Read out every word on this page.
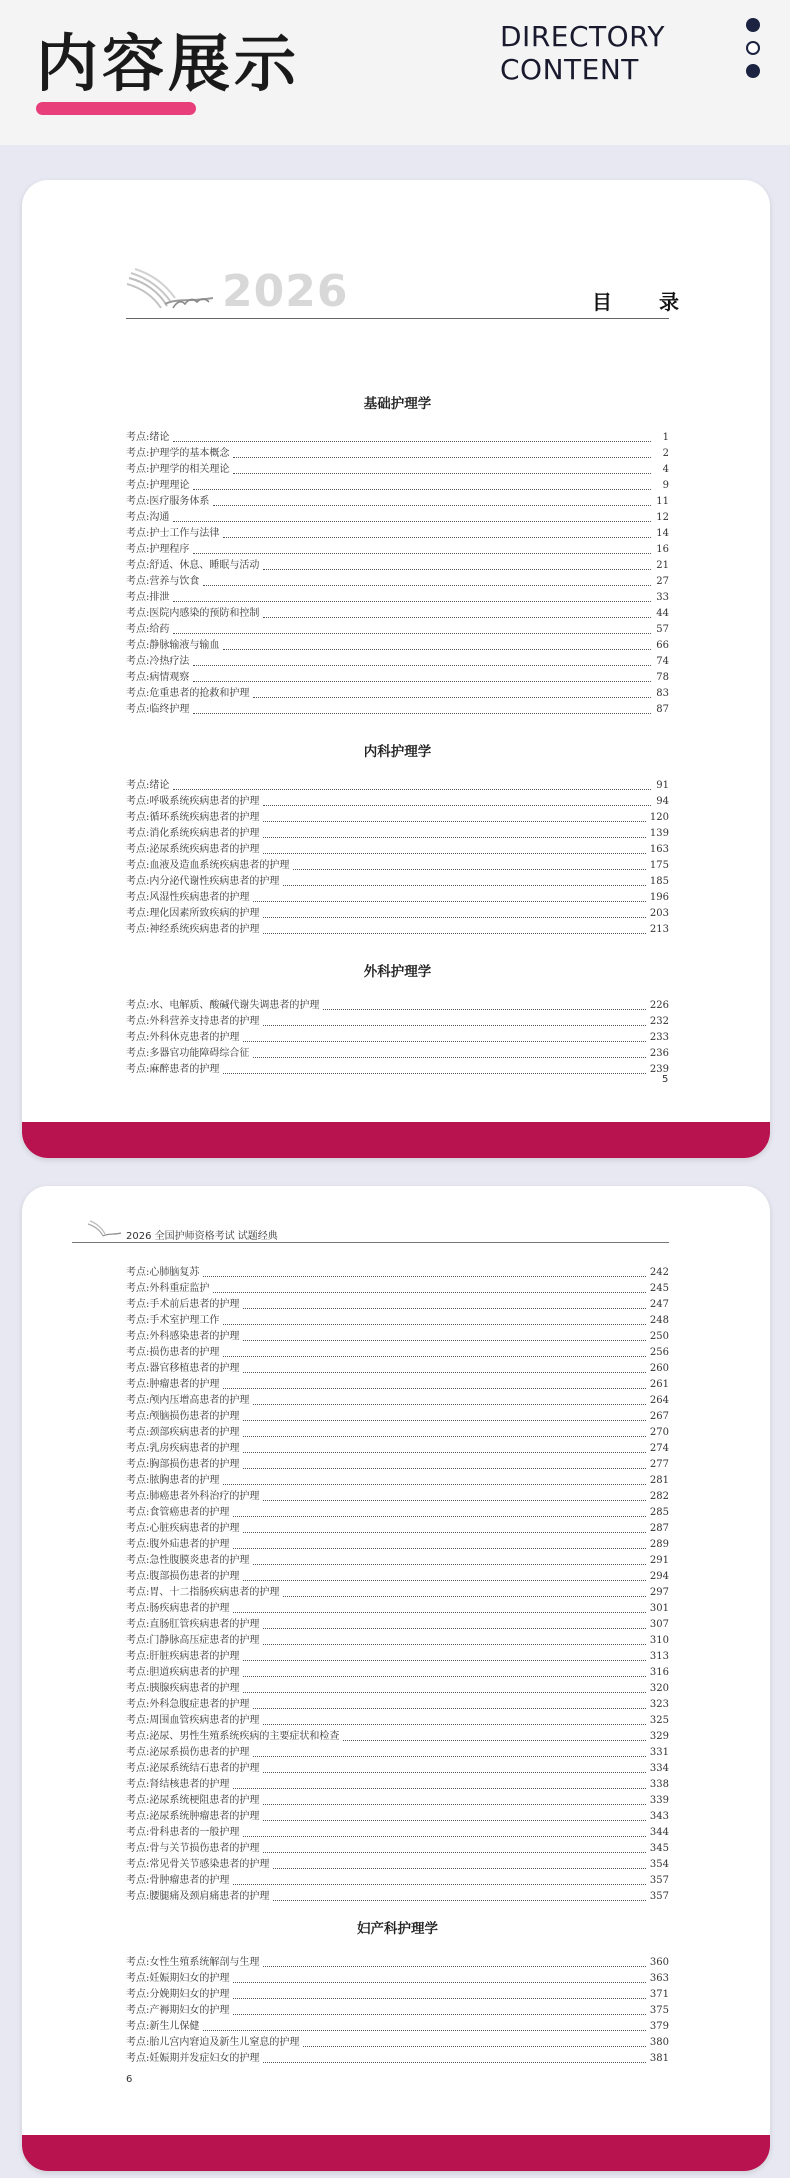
内容展示	DIRECTORY
CONTENT
2026	目 录
基础护理学
考点:绪论	1
考点:护理学的基本概念	2
考点:护理学的相关理论	4
考点:护理理论	9
考点:医疗服务体系	11
考点:沟通	12
考点:护士工作与法律	14
考点:护理程序	16
考点:舒适、休息、睡眠与活动	21
考点:营养与饮食	27
考点:排泄	33
考点:医院内感染的预防和控制	44
考点:给药	57
考点:静脉输液与输血	66
考点:冷热疗法	74
考点:病情观察	78
考点:危重患者的抢救和护理	83
考点:临终护理	87
内科护理学
考点:绪论	91
考点:呼吸系统疾病患者的护理	94
考点:循环系统疾病患者的护理	120
考点:消化系统疾病患者的护理	139
考点:泌尿系统疾病患者的护理	163
考点:血液及造血系统疾病患者的护理	175
考点:内分泌代谢性疾病患者的护理	185
考点:风湿性疾病患者的护理	196
考点:理化因素所致疾病的护理	203
考点:神经系统疾病患者的护理	213
外科护理学
考点:水、电解质、酸碱代谢失调患者的护理	226
考点:外科营养支持患者的护理	232
考点:外科休克患者的护理	233
考点:多器官功能障碍综合征	236
考点:麻醉患者的护理	239
5
2026 全国护师资格考试 试题经典
考点:心肺脑复苏	242
考点:外科重症监护	245
考点:手术前后患者的护理	247
考点:手术室护理工作	248
考点:外科感染患者的护理	250
考点:损伤患者的护理	256
考点:器官移植患者的护理	260
考点:肿瘤患者的护理	261
考点:颅内压增高患者的护理	264
考点:颅脑损伤患者的护理	267
考点:颈部疾病患者的护理	270
考点:乳房疾病患者的护理	274
考点:胸部损伤患者的护理	277
考点:脓胸患者的护理	281
考点:肺癌患者外科治疗的护理	282
考点:食管癌患者的护理	285
考点:心脏疾病患者的护理	287
考点:腹外疝患者的护理	289
考点:急性腹膜炎患者的护理	291
考点:腹部损伤患者的护理	294
考点:胃、十二指肠疾病患者的护理	297
考点:肠疾病患者的护理	301
考点:直肠肛管疾病患者的护理	307
考点:门静脉高压症患者的护理	310
考点:肝脏疾病患者的护理	313
考点:胆道疾病患者的护理	316
考点:胰腺疾病患者的护理	320
考点:外科急腹症患者的护理	323
考点:周围血管疾病患者的护理	325
考点:泌尿、男性生殖系统疾病的主要症状和检查	329
考点:泌尿系损伤患者的护理	331
考点:泌尿系统结石患者的护理	334
考点:肾结核患者的护理	338
考点:泌尿系统梗阻患者的护理	339
考点:泌尿系统肿瘤患者的护理	343
考点:骨科患者的一般护理	344
考点:骨与关节损伤患者的护理	345
考点:常见骨关节感染患者的护理	354
考点:骨肿瘤患者的护理	357
考点:腰腿痛及颈肩痛患者的护理	357
妇产科护理学
考点:女性生殖系统解剖与生理	360
考点:妊娠期妇女的护理	363
考点:分娩期妇女的护理	371
考点:产褥期妇女的护理	375
考点:新生儿保健	379
考点:胎儿宫内窘迫及新生儿窒息的护理	380
考点:妊娠期并发症妇女的护理	381
6
